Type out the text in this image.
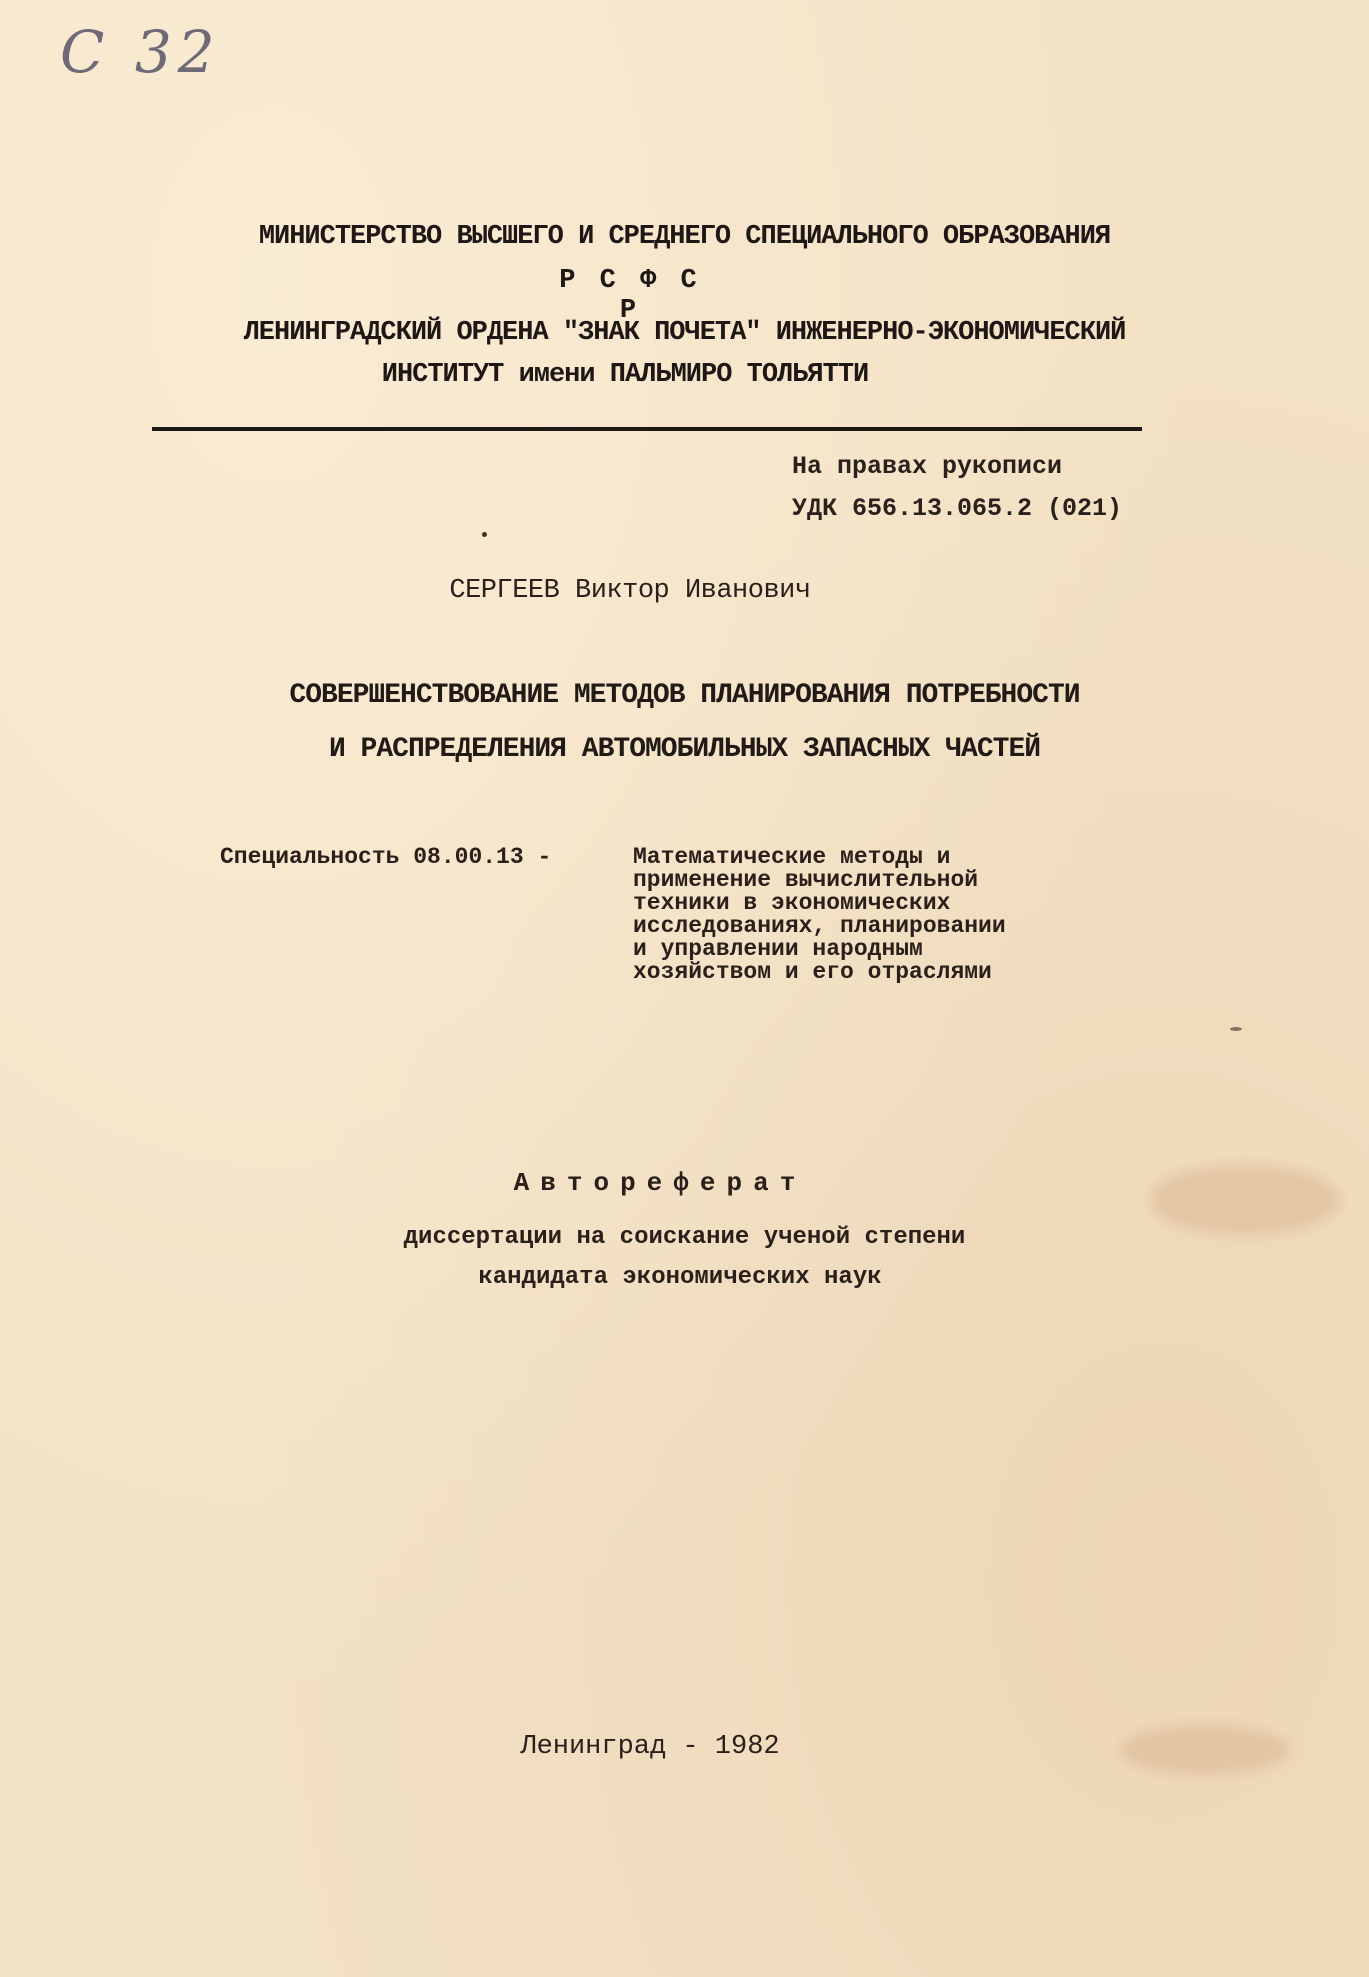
С 32
МИНИСТЕРСТВО ВЫСШЕГО И СРЕДНЕГО СПЕЦИАЛЬНОГО ОБРАЗОВАНИЯ
Р С Ф С Р
ЛЕНИНГРАДСКИЙ ОРДЕНА "ЗНАК ПОЧЕТА" ИНЖЕНЕРНО-ЭКОНОМИЧЕСКИЙ
ИНСТИТУТ имени ПАЛЬМИРО ТОЛЬЯТТИ
На правах рукописи
УДК 656.13.065.2 (021)
СЕРГЕЕВ Виктор Иванович
СОВЕРШЕНСТВОВАНИЕ МЕТОДОВ ПЛАНИРОВАНИЯ ПОТРЕБНОСТИ
И РАСПРЕДЕЛЕНИЯ АВТОМОБИЛЬНЫХ ЗАПАСНЫХ ЧАСТЕЙ
Специальность 08.00.13 -	Математические методы и
применение вычислительной
техники в экономических
исследованиях, планировании
и управлении народным
хозяйством и его отраслями
Автореферат
диссертации на соискание ученой степени
кандидата экономических наук
Ленинград - 1982
